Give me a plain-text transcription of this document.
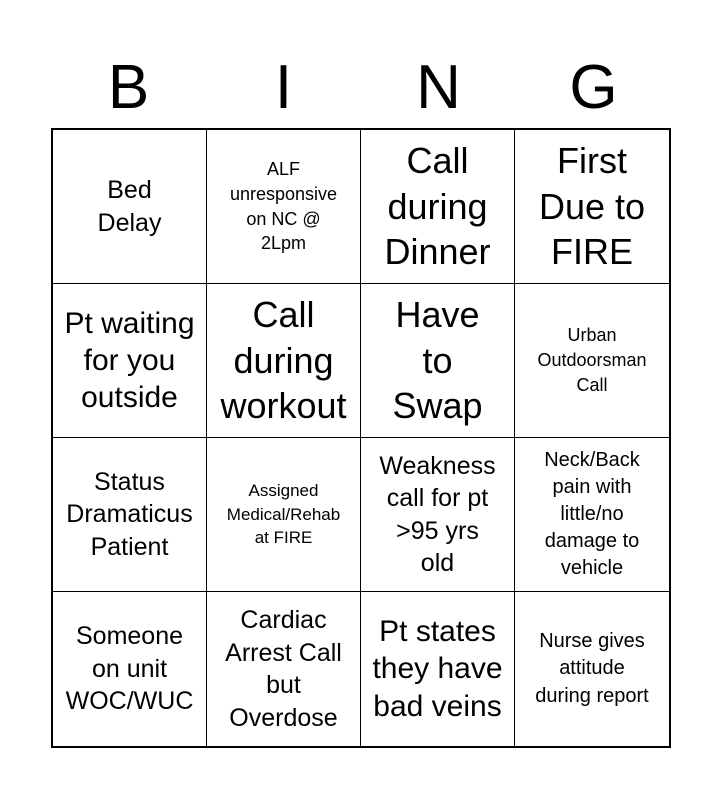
B	I	N	G
Bed
Delay
ALF
unresponsive
on NC @
2Lpm
Call
during
Dinner
First
Due to
FIRE
Pt waiting
for you
outside
Call
during
workout
Have
to
Swap
Urban
Outdoorsman
Call
Status
Dramaticus
Patient
Assigned
Medical/Rehab
at FIRE
Weakness
call for pt
>95 yrs
old
Neck/Back
pain with
little/no
damage to
vehicle
Someone
on unit
WOC/WUC
Cardiac
Arrest Call
but
Overdose
Pt states
they have
bad veins
Nurse gives
attitude
during report
